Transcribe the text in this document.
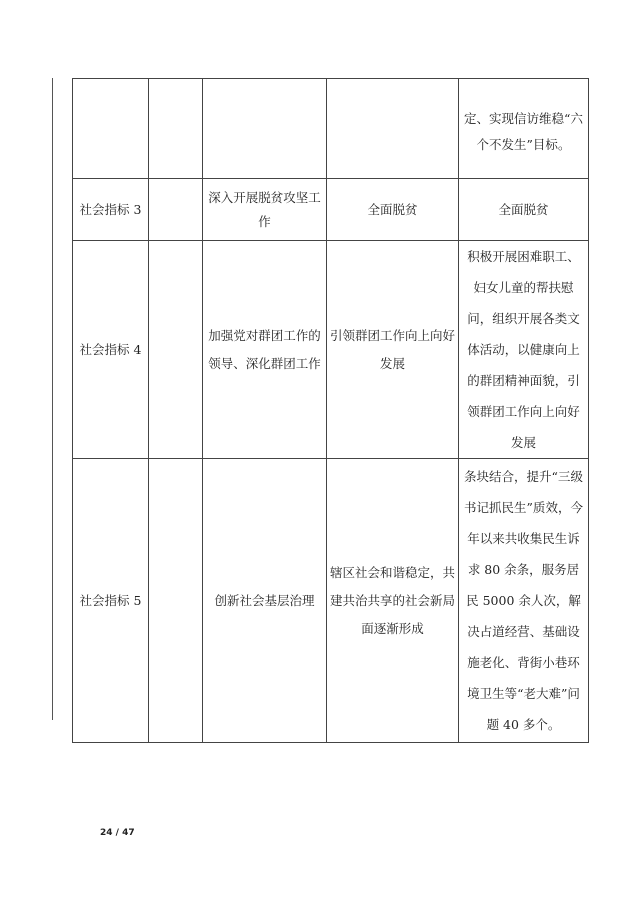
				定、实现信访维稳“六个不发生”目标。
社会指标 3		深入开展脱贫攻坚工作	全面脱贫	全面脱贫
社会指标 4		加强党对群团工作的领导、深化群团工作	引领群团工作向上向好发展	积极开展困难职工、妇女儿童的帮扶慰问，组织开展各类文体活动，以健康向上的群团精神面貌，引领群团工作向上向好发展
社会指标 5		创新社会基层治理	辖区社会和谐稳定，共建共治共享的社会新局面逐渐形成	条块结合，提升“三级书记抓民生”质效，今年以来共收集民生诉求 80 余条，服务居民 5000 余人次，解决占道经营、基础设施老化、背街小巷环境卫生等“老大难”问题 40 多个。
24 / 47
